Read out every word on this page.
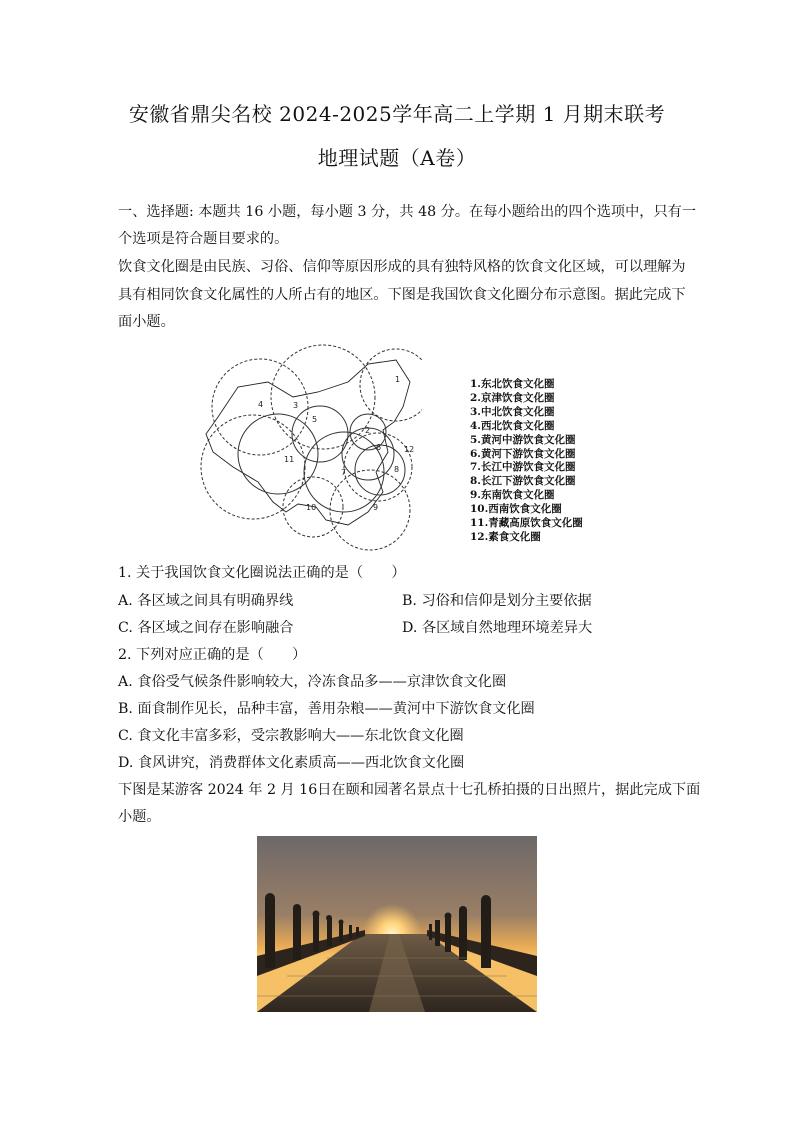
安徽省鼎尖名校 2024-2025学年高二上学期 1 月期末联考
地理试题（A卷）
一、选择题: 本题共 16 小题，每小题 3 分，共 48 分。在每小题给出的四个选项中，只有一
个选项是符合题目要求的。
饮食文化圈是由民族、习俗、信仰等原因形成的具有独特风格的饮食文化区域，可以理解为
具有相同饮食文化属性的人所占有的地区。下图是我国饮食文化圈分布示意图。据此完成下
面小题。
1
2
3
4
5
6
7	8
9
10
11
12
1.东北饮食文化圈
2.京津饮食文化圈
3.中北饮食文化圈
4.西北饮食文化圈
5.黄河中游饮食文化圈
6.黄河下游饮食文化圈
7.长江中游饮食文化圈
8.长江下游饮食文化圈
9.东南饮食文化圈
10.西南饮食文化圈
11.青藏高原饮食文化圈
12.素食文化圈
1. 关于我国饮食文化圈说法正确的是（　　）
A. 各区域之间具有明确界线	B. 习俗和信仰是划分主要依据
C. 各区域之间存在影响融合	D. 各区域自然地理环境差异大
2. 下列对应正确的是（　　）
A. 食俗受气候条件影响较大，冷冻食品多——京津饮食文化圈
B. 面食制作见长，品种丰富，善用杂粮——黄河中下游饮食文化圈
C. 食文化丰富多彩，受宗教影响大——东北饮食文化圈
D. 食风讲究，消费群体文化素质高——西北饮食文化圈
下图是某游客 2024 年 2 月 16日在颐和园著名景点十七孔桥拍摄的日出照片，据此完成下面
小题。
